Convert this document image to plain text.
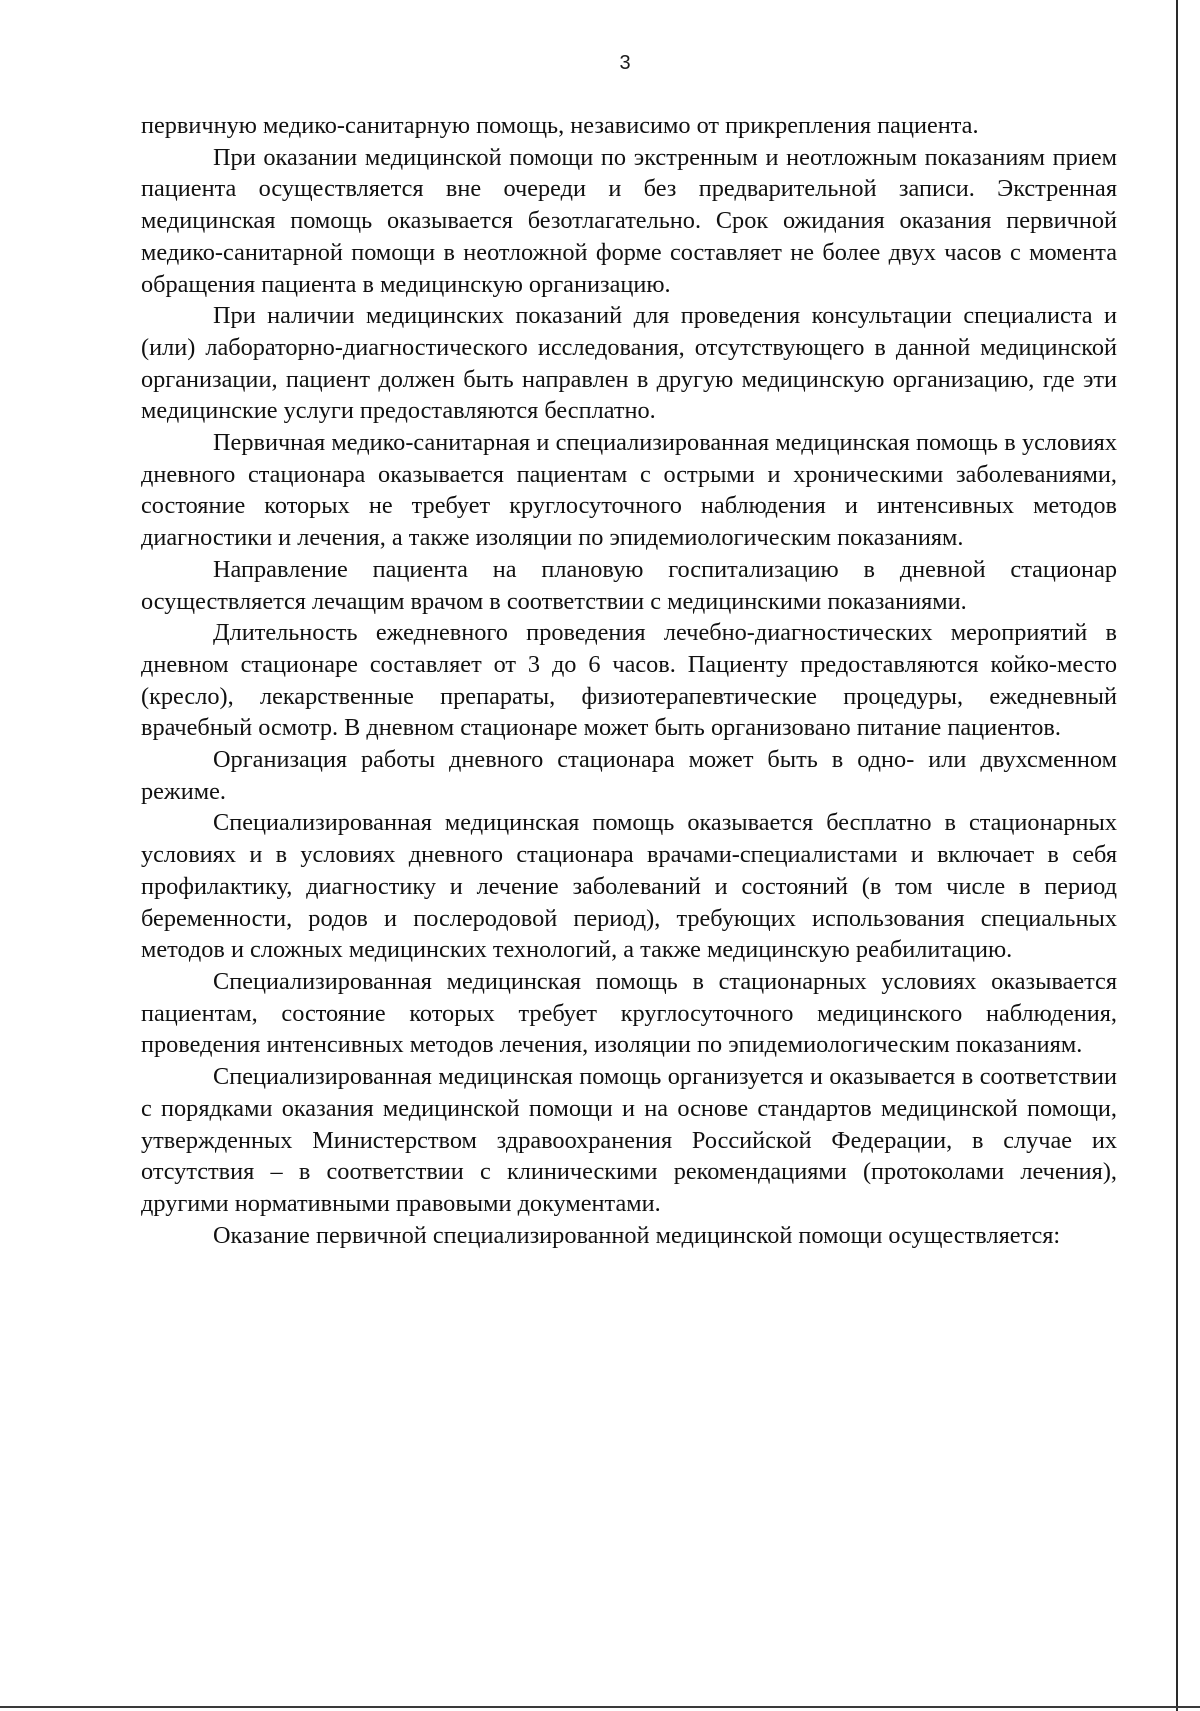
3

первичную медико-санитарную помощь, независимо от прикрепления пациента.

При оказании медицинской помощи по экстренным и неотложным показаниям прием пациента осуществляется вне очереди и без предварительной записи. Экстренная медицинская помощь оказывается безотлагательно. Срок ожидания оказания первичной медико-санитарной помощи в неотложной форме составляет не более двух часов с момента обращения пациента в медицинскую организацию.

При наличии медицинских показаний для проведения консультации специалиста и (или) лабораторно-диагностического исследования, отсутствующего в данной медицинской организации, пациент должен быть направлен в другую медицинскую организацию, где эти медицинские услуги предоставляются бесплатно.

Первичная медико-санитарная и специализированная медицинская помощь в условиях дневного стационара оказывается пациентам с острыми и хроническими заболеваниями, состояние которых не требует круглосуточного наблюдения и интенсивных методов диагностики и лечения, а также изоляции по эпидемиологическим показаниям.

Направление пациента на плановую госпитализацию в дневной стационар осуществляется лечащим врачом в соответствии с медицинскими показаниями.

Длительность ежедневного проведения лечебно-диагностических мероприятий в дневном стационаре составляет от 3 до 6 часов. Пациенту предоставляются койко-место (кресло), лекарственные препараты, физиотерапевтические процедуры, ежедневный врачебный осмотр. В дневном стационаре может быть организовано питание пациентов.

Организация работы дневного стационара может быть в одно- или двухсменном режиме.

Специализированная медицинская помощь оказывается бесплатно в стационарных условиях и в условиях дневного стационара врачами-специалистами и включает в себя профилактику, диагностику и лечение заболеваний и состояний (в том числе в период беременности, родов и послеродовой период), требующих использования специальных методов и сложных медицинских технологий, а также медицинскую реабилитацию.

Специализированная медицинская помощь в стационарных условиях оказывается пациентам, состояние которых требует круглосуточного медицинского наблюдения, проведения интенсивных методов лечения, изоляции по эпидемиологическим показаниям.

Специализированная медицинская помощь организуется и оказывается в соответствии с порядками оказания медицинской помощи и на основе стандартов медицинской помощи, утвержденных Министерством здравоохранения Российской Федерации, в случае их отсутствия – в соответствии с клиническими рекомендациями (протоколами лечения), другими нормативными правовыми документами.

Оказание первичной специализированной медицинской помощи осуществляется:
